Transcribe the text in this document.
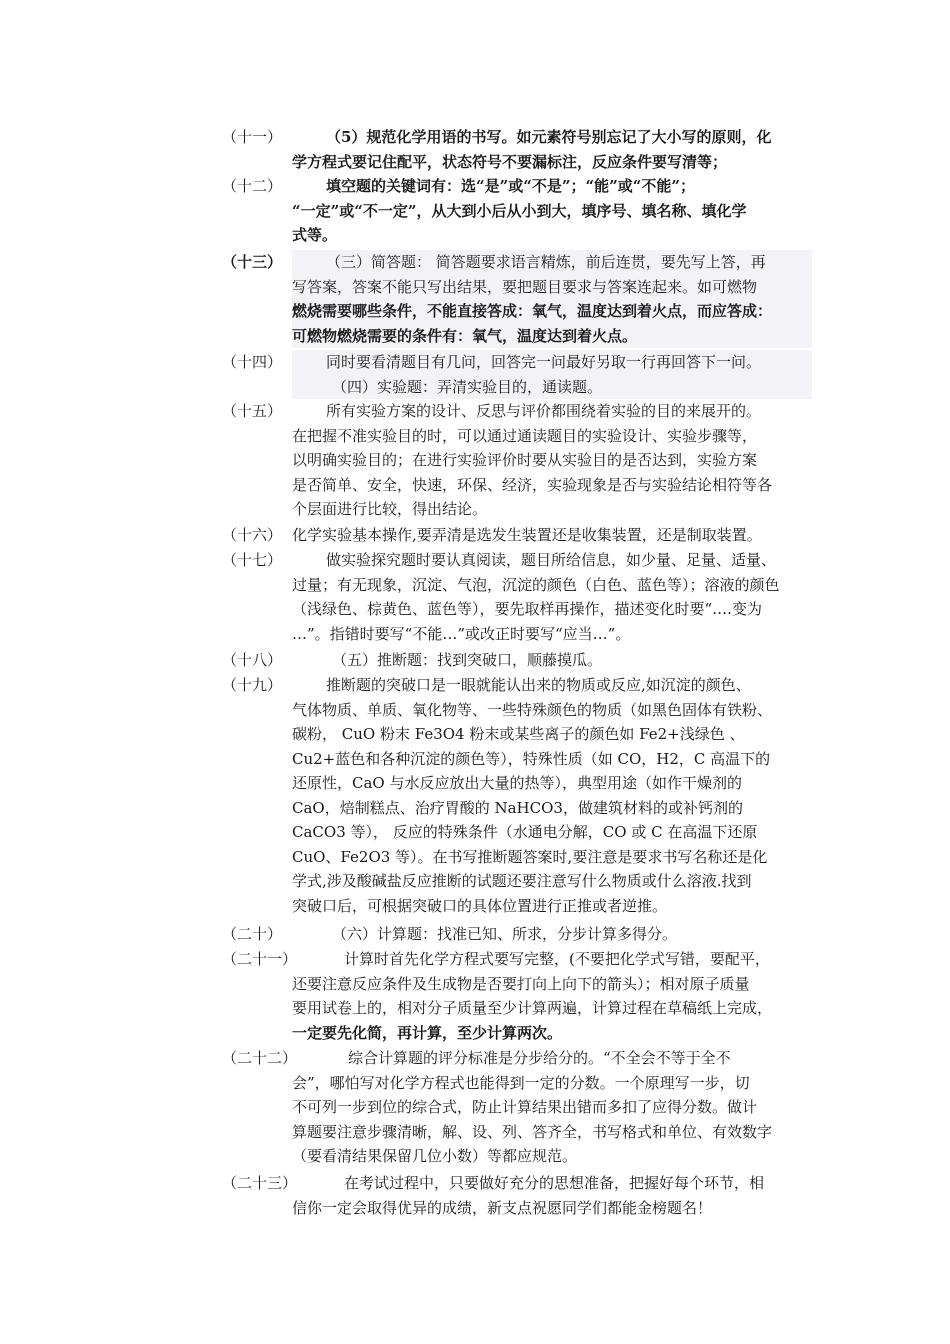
（十一）	（5）规范化学用语的书写。如元素符号别忘记了大小写的原则，化
学方程式要记住配平，状态符号不要漏标注，反应条件要写清等；
（十二）	填空题的关键词有：选“是”或“不是”；“能”或“不能”；
“一定”或“不一定”，从大到小后从小到大，填序号、填名称、填化学
式等。
（十三）	（三）简答题： 简答题要求语言精炼，前后连贯，要先写上答，再
写答案，答案不能只写出结果，要把题目要求与答案连起来。如可燃物
燃烧需要哪些条件，不能直接答成：氧气，温度达到着火点，而应答成：
可燃物燃烧需要的条件有：氧气，温度达到着火点。
（十四）	同时要看清题目有几问，回答完一问最好另取一行再回答下一问。
（四）实验题：弄清实验目的，通读题。
（十五）	所有实验方案的设计、反思与评价都围绕着实验的目的来展开的。
在把握不准实验目的时，可以通过通读题目的实验设计、实验步骤等，
以明确实验目的；在进行实验评价时要从实验目的是否达到，实验方案
是否简单、安全，快速，环保、经济，实验现象是否与实验结论相符等各
个层面进行比较，得出结论。
（十六） 化学实验基本操作,要弄清是选发生装置还是收集装置，还是制取装置。
（十七）	做实验探究题时要认真阅读，题目所给信息，如少量、足量、适量、
过量；有无现象，沉淀、气泡，沉淀的颜色（白色、蓝色等）；溶液的颜色
（浅绿色、棕黄色、蓝色等），要先取样再操作，描述变化时要“….变为
…”。指错时要写“不能…”或改正时要写“应当…”。
（十八）	（五）推断题：找到突破口，顺藤摸瓜。
（十九）	推断题的突破口是一眼就能认出来的物质或反应,如沉淀的颜色、
气体物质、单质、氧化物等、一些特殊颜色的物质（如黑色固体有铁粉、
碳粉， CuO 粉末 Fe3O4 粉末或某些离子的颜色如 Fe2+浅绿色 、
Cu2+蓝色和各种沉淀的颜色等），特殊性质（如 CO，H2，C 高温下的
还原性，CaO 与水反应放出大量的热等），典型用途（如作干燥剂的
CaO，焙制糕点、治疗胃酸的 NaHCO3，做建筑材料的或补钙剂的
CaCO3 等）， 反应的特殊条件（水通电分解，CO 或 C 在高温下还原
CuO、Fe2O3 等）。在书写推断题答案时,要注意是要求书写名称还是化
学式,涉及酸碱盐反应推断的试题还要注意写什么物质或什么溶液.找到
突破口后，可根据突破口的具体位置进行正推或者逆推。
（二十）	（六）计算题：找准已知、所求，分步计算多得分。
（二十一）	计算时首先化学方程式要写完整，(不要把化学式写错，要配平，
还要注意反应条件及生成物是否要打向上向下的箭头）；相对原子质量
要用试卷上的，相对分子质量至少计算两遍，计算过程在草稿纸上完成，
一定要先化简，再计算，至少计算两次。
（二十二）	综合计算题的评分标准是分步给分的。“不全会不等于全不
会”，哪怕写对化学方程式也能得到一定的分数。一个原理写一步，切
不可列一步到位的综合式，防止计算结果出错而多扣了应得分数。做计
算题要注意步骤清晰，解、设、列、答齐全，书写格式和单位、有效数字
（要看清结果保留几位小数）等都应规范。
（二十三）	在考试过程中，只要做好充分的思想准备，把握好每个环节，相
信你一定会取得优异的成绩，新支点祝愿同学们都能金榜题名！
